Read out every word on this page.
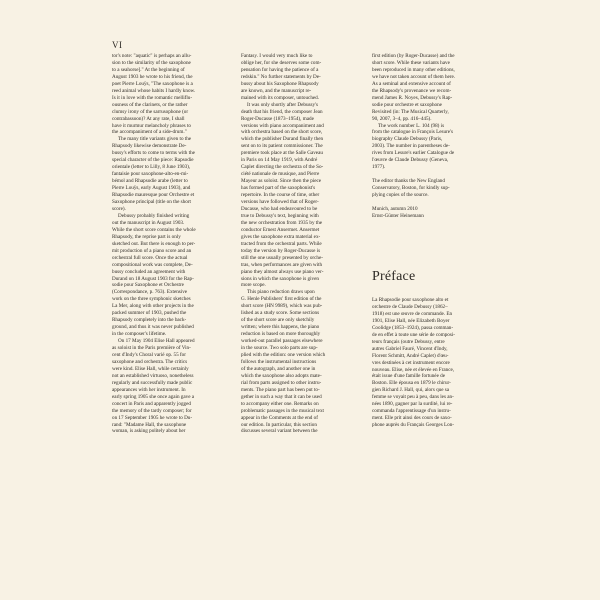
VI

tor's note: "aquatic" is perhaps an allu-
sion to the similarity of the saxophone
to a seahorse]." At the beginning of
August 1903 he wrote to his friend, the
poet Pierre Louÿs, "The saxophone is a
reed animal whose habits I hardly know.
Is it in love with the romantic melliflu-
ousness of the clarinets, or the rather
clumsy irony of the sarrusophone (or
contrabassoon)? At any rate, I shall
have it murmur melancholy phrases to
the accompaniment of a side-drum."

The many title variants given to the
Rhapsody likewise demonstrate De-
bussy's efforts to come to terms with the
special character of the piece: Rapsodie
orientale (letter to Lilly, 8 June 1903),
fantaisie pour saxophone-alto-en-mi-
bémol and Rhapsodie arabe (letter to
Pierre Louÿs, early August 1903), and
Rhapsodie mauresque pour Orchestre et
Saxophone principal (title on the short
score).

Debussy probably finished writing
out the manuscript in August 1903.
While the short score contains the whole
Rhapsody, the reprise part is only
sketched out. But there is enough to per-
mit production of a piano score and an
orchestral full score. Once the actual
compositional work was complete, De-
bussy concluded an agreement with
Durand on 18 August 1903 for the Rap-
sodie pour Saxophone et Orchestre
(Correspondance, p. 763). Extensive
work on the three symphonic sketches
La Mer, along with other projects in the
packed summer of 1903, pushed the
Rhapsody completely into the back-
ground, and thus it was never published
in the composer's lifetime.

On 17 May 1904 Elise Hall appeared
as soloist in the Paris première of Vin-
cent d'Indy's Choral varié op. 55 for
saxophone and orchestra. The critics
were kind. Elise Hall, while certainly
not an established virtuoso, nonetheless
regularly and successfully made public
appearances with her instrument. In
early spring 1905 she once again gave a
concert in Paris and apparently jogged
the memory of the tardy composer; for
on 17 September 1905 he wrote to Du-
rand: "Madame Hall, the saxophone
woman, is asking politely about her

Fantasy. I would very much like to
oblige her, for she deserves some com-
pensation for having the patience of a
redskin." No further statements by De-
bussy about his Saxophone Rhapsody
are known, and the manuscript re-
mained with its composer, untouched.

It was only shortly after Debussy's
death that his friend, the composer Jean
Roger-Ducasse (1873–1954), made
versions with piano accompaniment and
with orchestra based on the short score,
which the publisher Durand finally then
sent on to its patient commissioner. The
premiere took place at the Salle Gaveau
in Paris on 14 May 1919, with André
Caplet directing the orchestra of the So-
ciété nationale de musique, and Pierre
Mayeur as soloist. Since then the piece
has formed part of the saxophonist's
repertoire. In the course of time, other
versions have followed that of Roger-
Ducasse, who had endeavoured to be
true to Debussy's text, beginning with
the new orchestration from 1935 by the
conductor Ernest Ansermet. Ansermet
gives the saxophone extra material ex-
tracted from the orchestral parts. While
today the version by Roger-Ducasse is
still the one usually presented by orche-
tras, when performances are given with
piano they almost always use piano ver-
sions in which the saxophone is given
more scope.

This piano reduction draws upon
G. Henle Publishers' first edition of the
short score (HN 9989), which was pub-
lished as a study score. Some sections
of the short score are only sketchily
written; where this happens, the piano
reduction is based on more thoroughly
worked-out parallel passages elsewhere
in the source. Two solo parts are sup-
plied with the edition: one version which
follows the instrumental instructions
of the autograph, and another one in
which the saxophone also adopts mate-
rial from parts assigned to other instru-
ments. The piano part has been put to-
gether in such a way that it can be used
to accompany either one. Remarks on
problematic passages in the musical text
appear in the Comments at the end of
our edition. In particular, this section
discusses several variant between the

first edition (by Roger-Ducasse) and the
short score. While these variants have
been reproduced in many other editions,
we have not taken account of them here.
As a seminal and extensive account of
the Rhapsody's provenance we recom-
mend James R. Noyes, Debussy's Rap-
sodie pour orchestre et saxophone
Revisited (in: The Musical Quarterly,
90, 2007, 3–4, pp. 416–445).

The work number L. 104 (98) is
from the catalogue in François Lesure's
biography Claude Debussy (Paris,
2003). The number in parentheses de-
rives from Lesure's earlier Catalogue de
l'œuvre de Claude Debussy (Geneva,
1977).

The editor thanks the New England
Conservatory, Boston, for kindly sup-
plying copies of the source.

Munich, autumn 2010
Ernst-Günter Heinemann

Préface

La Rhapsodie pour saxophone alto et
orchestre de Claude Debussy (1862–
1918) est une œuvre de commande. En
1901, Elise Hall, née Elizabeth Boyer
Coolidge (1853–1924), passa comman-
de en effet à toute une série de composi-
teurs français (outre Debussy, entre
autres Gabriel Fauré, Vincent d'Indy,
Florent Schmitt, André Caplet) d'œu-
vres destinées à cet instrument encore
nouveau. Elise, née et élevée en France,
était issue d'une famille fortunée de
Boston. Elle épousa en 1879 le chirur-
gien Richard J. Hall, qui, alors que sa
femme se voyait peu à peu, dans les an-
nées 1890, gagner par la surdité, lui re-
commanda l'apprentissage d'un instru-
ment. Elle prit ainsi des cours de saxo-
phone auprès du Français Georges Lon-
